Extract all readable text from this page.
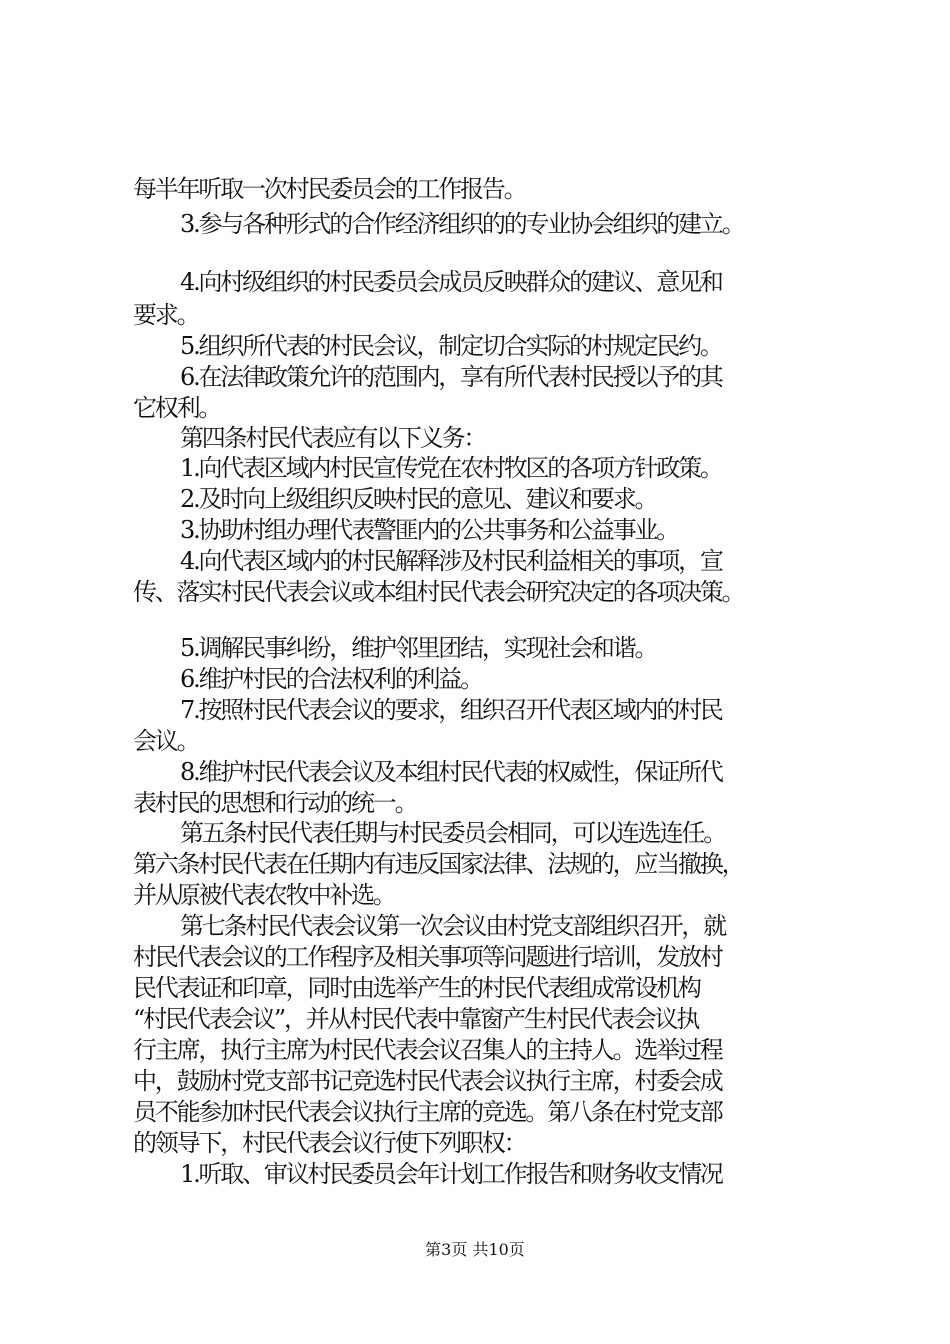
每半年听取一次村民委员会的工作报告。
3.参与各种形式的合作经济组织的的专业协会组织的建立。
4.向村级组织的村民委员会成员反映群众的建议、意见和
要求。
5.组织所代表的村民会议，制定切合实际的村规定民约。
6.在法律政策允许的范围内，享有所代表村民授以予的其
它权利。
第四条村民代表应有以下义务：
1.向代表区域内村民宣传党在农村牧区的各项方针政策。
2.及时向上级组织反映村民的意见、建议和要求。
3.协助村组办理代表警匪内的公共事务和公益事业。
4.向代表区域内的村民解释涉及村民利益相关的事项，宣
传、落实村民代表会议或本组村民代表会研究决定的各项决策。
5.调解民事纠纷，维护邻里团结，实现社会和谐。
6.维护村民的合法权利的利益。
7.按照村民代表会议的要求，组织召开代表区域内的村民
会议。
8.维护村民代表会议及本组村民代表的权威性，保证所代
表村民的思想和行动的统一。
第五条村民代表任期与村民委员会相同，可以连选连任。
第六条村民代表在任期内有违反国家法律、法规的，应当撤换，
并从原被代表农牧中补选。
第七条村民代表会议第一次会议由村党支部组织召开，就
村民代表会议的工作程序及相关事项等问题进行培训，发放村
民代表证和印章，同时由选举产生的村民代表组成常设机构
“村民代表会议”，并从村民代表中靠窗产生村民代表会议执
行主席，执行主席为村民代表会议召集人的主持人。选举过程
中，鼓励村党支部书记竞选村民代表会议执行主席，村委会成
员不能参加村民代表会议执行主席的竞选。第八条在村党支部
的领导下，村民代表会议行使下列职权：
1.听取、审议村民委员会年计划工作报告和财务收支情况
第3页 共10页
